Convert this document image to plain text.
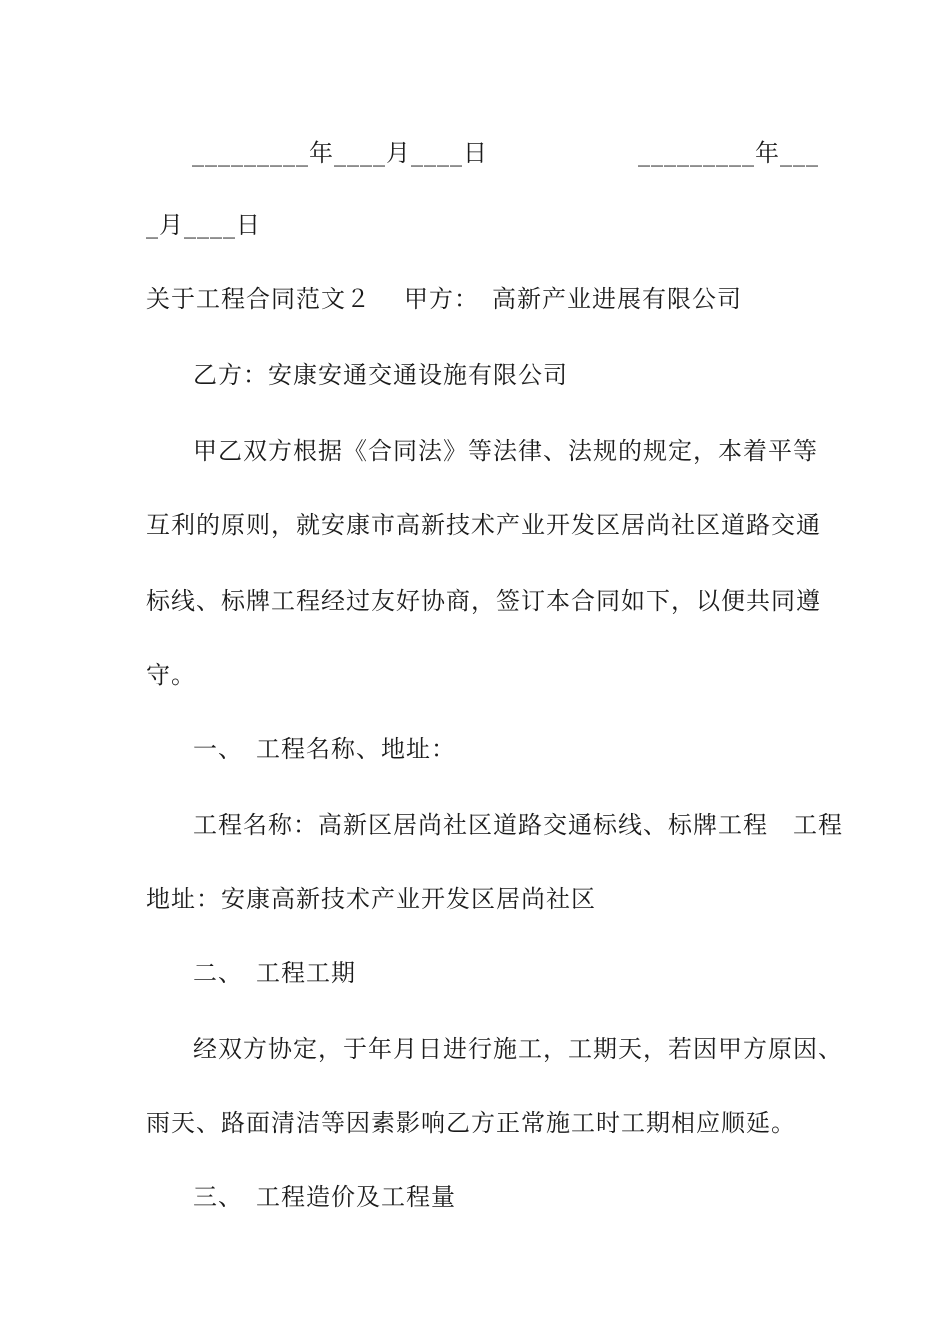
_________年____月____日

	_________年___

_月____日

关于工程合同范文２

甲方：　高新产业进展有限公司

乙方：安康安通交通设施有限公司

甲乙双方根据《合同法》等法律、法规的规定，本着平等

互利的原则，就安康市高新技术产业开发区居尚社区道路交通

标线、标牌工程经过友好协商，签订本合同如下，以便共同遵

守。

一、　工程名称、地址：

工程名称：高新区居尚社区道路交通标线、标牌工程　工程

地址：安康高新技术产业开发区居尚社区

二、　工程工期

经双方协定，于年月日进行施工，工期天，若因甲方原因、

雨天、路面清洁等因素影响乙方正常施工时工期相应顺延。

三、　工程造价及工程量
